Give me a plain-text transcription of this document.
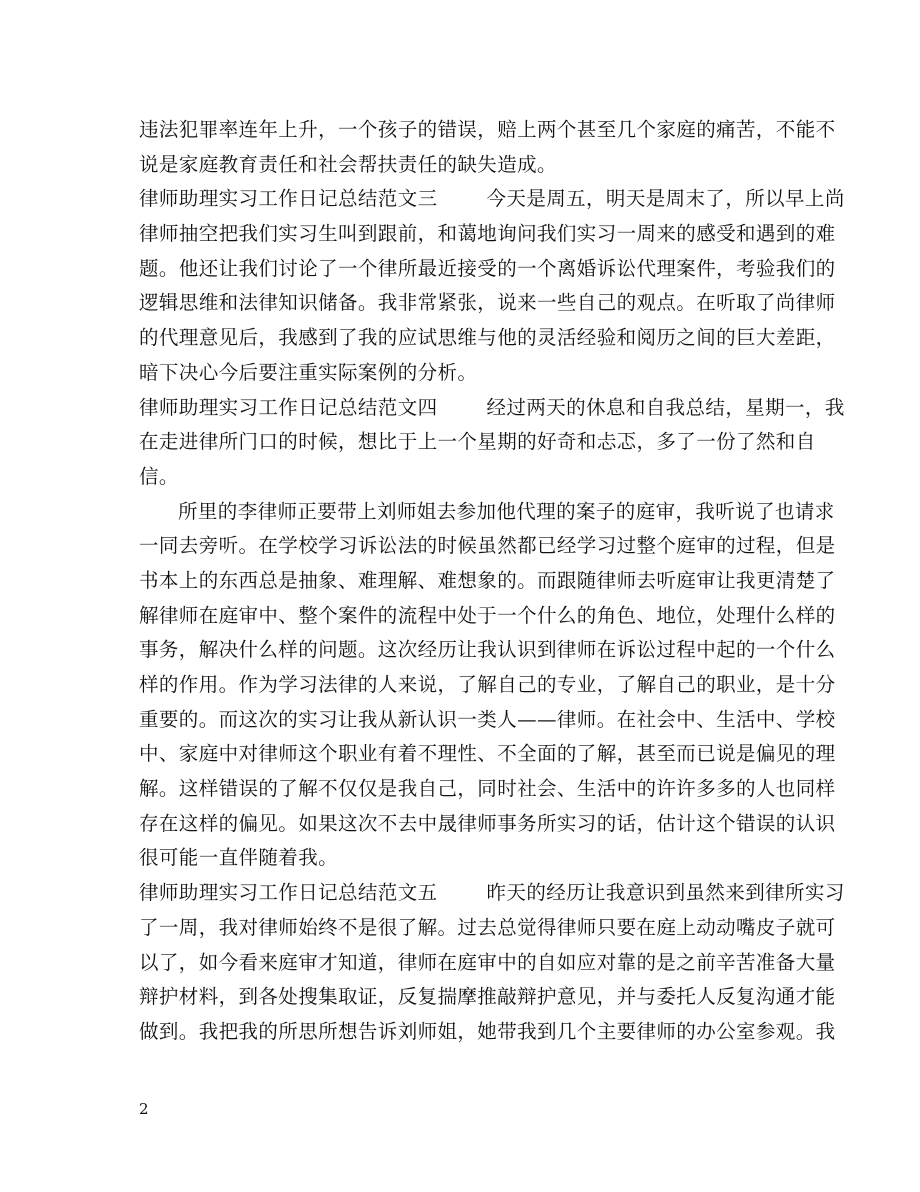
违法犯罪率连年上升，一个孩子的错误，赔上两个甚至几个家庭的痛苦，不能不
说是家庭教育责任和社会帮扶责任的缺失造成。
律师助理实习工作日记总结范文三	今天是周五，明天是周末了，所以早上尚
律师抽空把我们实习生叫到跟前，和蔼地询问我们实习一周来的感受和遇到的难
题。他还让我们讨论了一个律所最近接受的一个离婚诉讼代理案件，考验我们的
逻辑思维和法律知识储备。我非常紧张，说来一些自己的观点。在听取了尚律师
的代理意见后，我感到了我的应试思维与他的灵活经验和阅历之间的巨大差距，
暗下决心今后要注重实际案例的分析。
律师助理实习工作日记总结范文四	经过两天的休息和自我总结，星期一，我
在走进律所门口的时候，想比于上一个星期的好奇和忐忑，多了一份了然和自
信。
所里的李律师正要带上刘师姐去参加他代理的案子的庭审，我听说了也请求
一同去旁听。在学校学习诉讼法的时候虽然都已经学习过整个庭审的过程，但是
书本上的东西总是抽象、难理解、难想象的。而跟随律师去听庭审让我更清楚了
解律师在庭审中、整个案件的流程中处于一个什么的角色、地位，处理什么样的
事务，解决什么样的问题。这次经历让我认识到律师在诉讼过程中起的一个什么
样的作用。作为学习法律的人来说，了解自己的专业，了解自己的职业，是十分
重要的。而这次的实习让我从新认识一类人——律师。在社会中、生活中、学校
中、家庭中对律师这个职业有着不理性、不全面的了解，甚至而已说是偏见的理
解。这样错误的了解不仅仅是我自己，同时社会、生活中的许许多多的人也同样
存在这样的偏见。如果这次不去中晟律师事务所实习的话，估计这个错误的认识
很可能一直伴随着我。
律师助理实习工作日记总结范文五	昨天的经历让我意识到虽然来到律所实习
了一周，我对律师始终不是很了解。过去总觉得律师只要在庭上动动嘴皮子就可
以了，如今看来庭审才知道，律师在庭审中的自如应对靠的是之前辛苦准备大量
辩护材料，到各处搜集取证，反复揣摩推敲辩护意见，并与委托人反复沟通才能
做到。我把我的所思所想告诉刘师姐，她带我到几个主要律师的办公室参观。我
2
